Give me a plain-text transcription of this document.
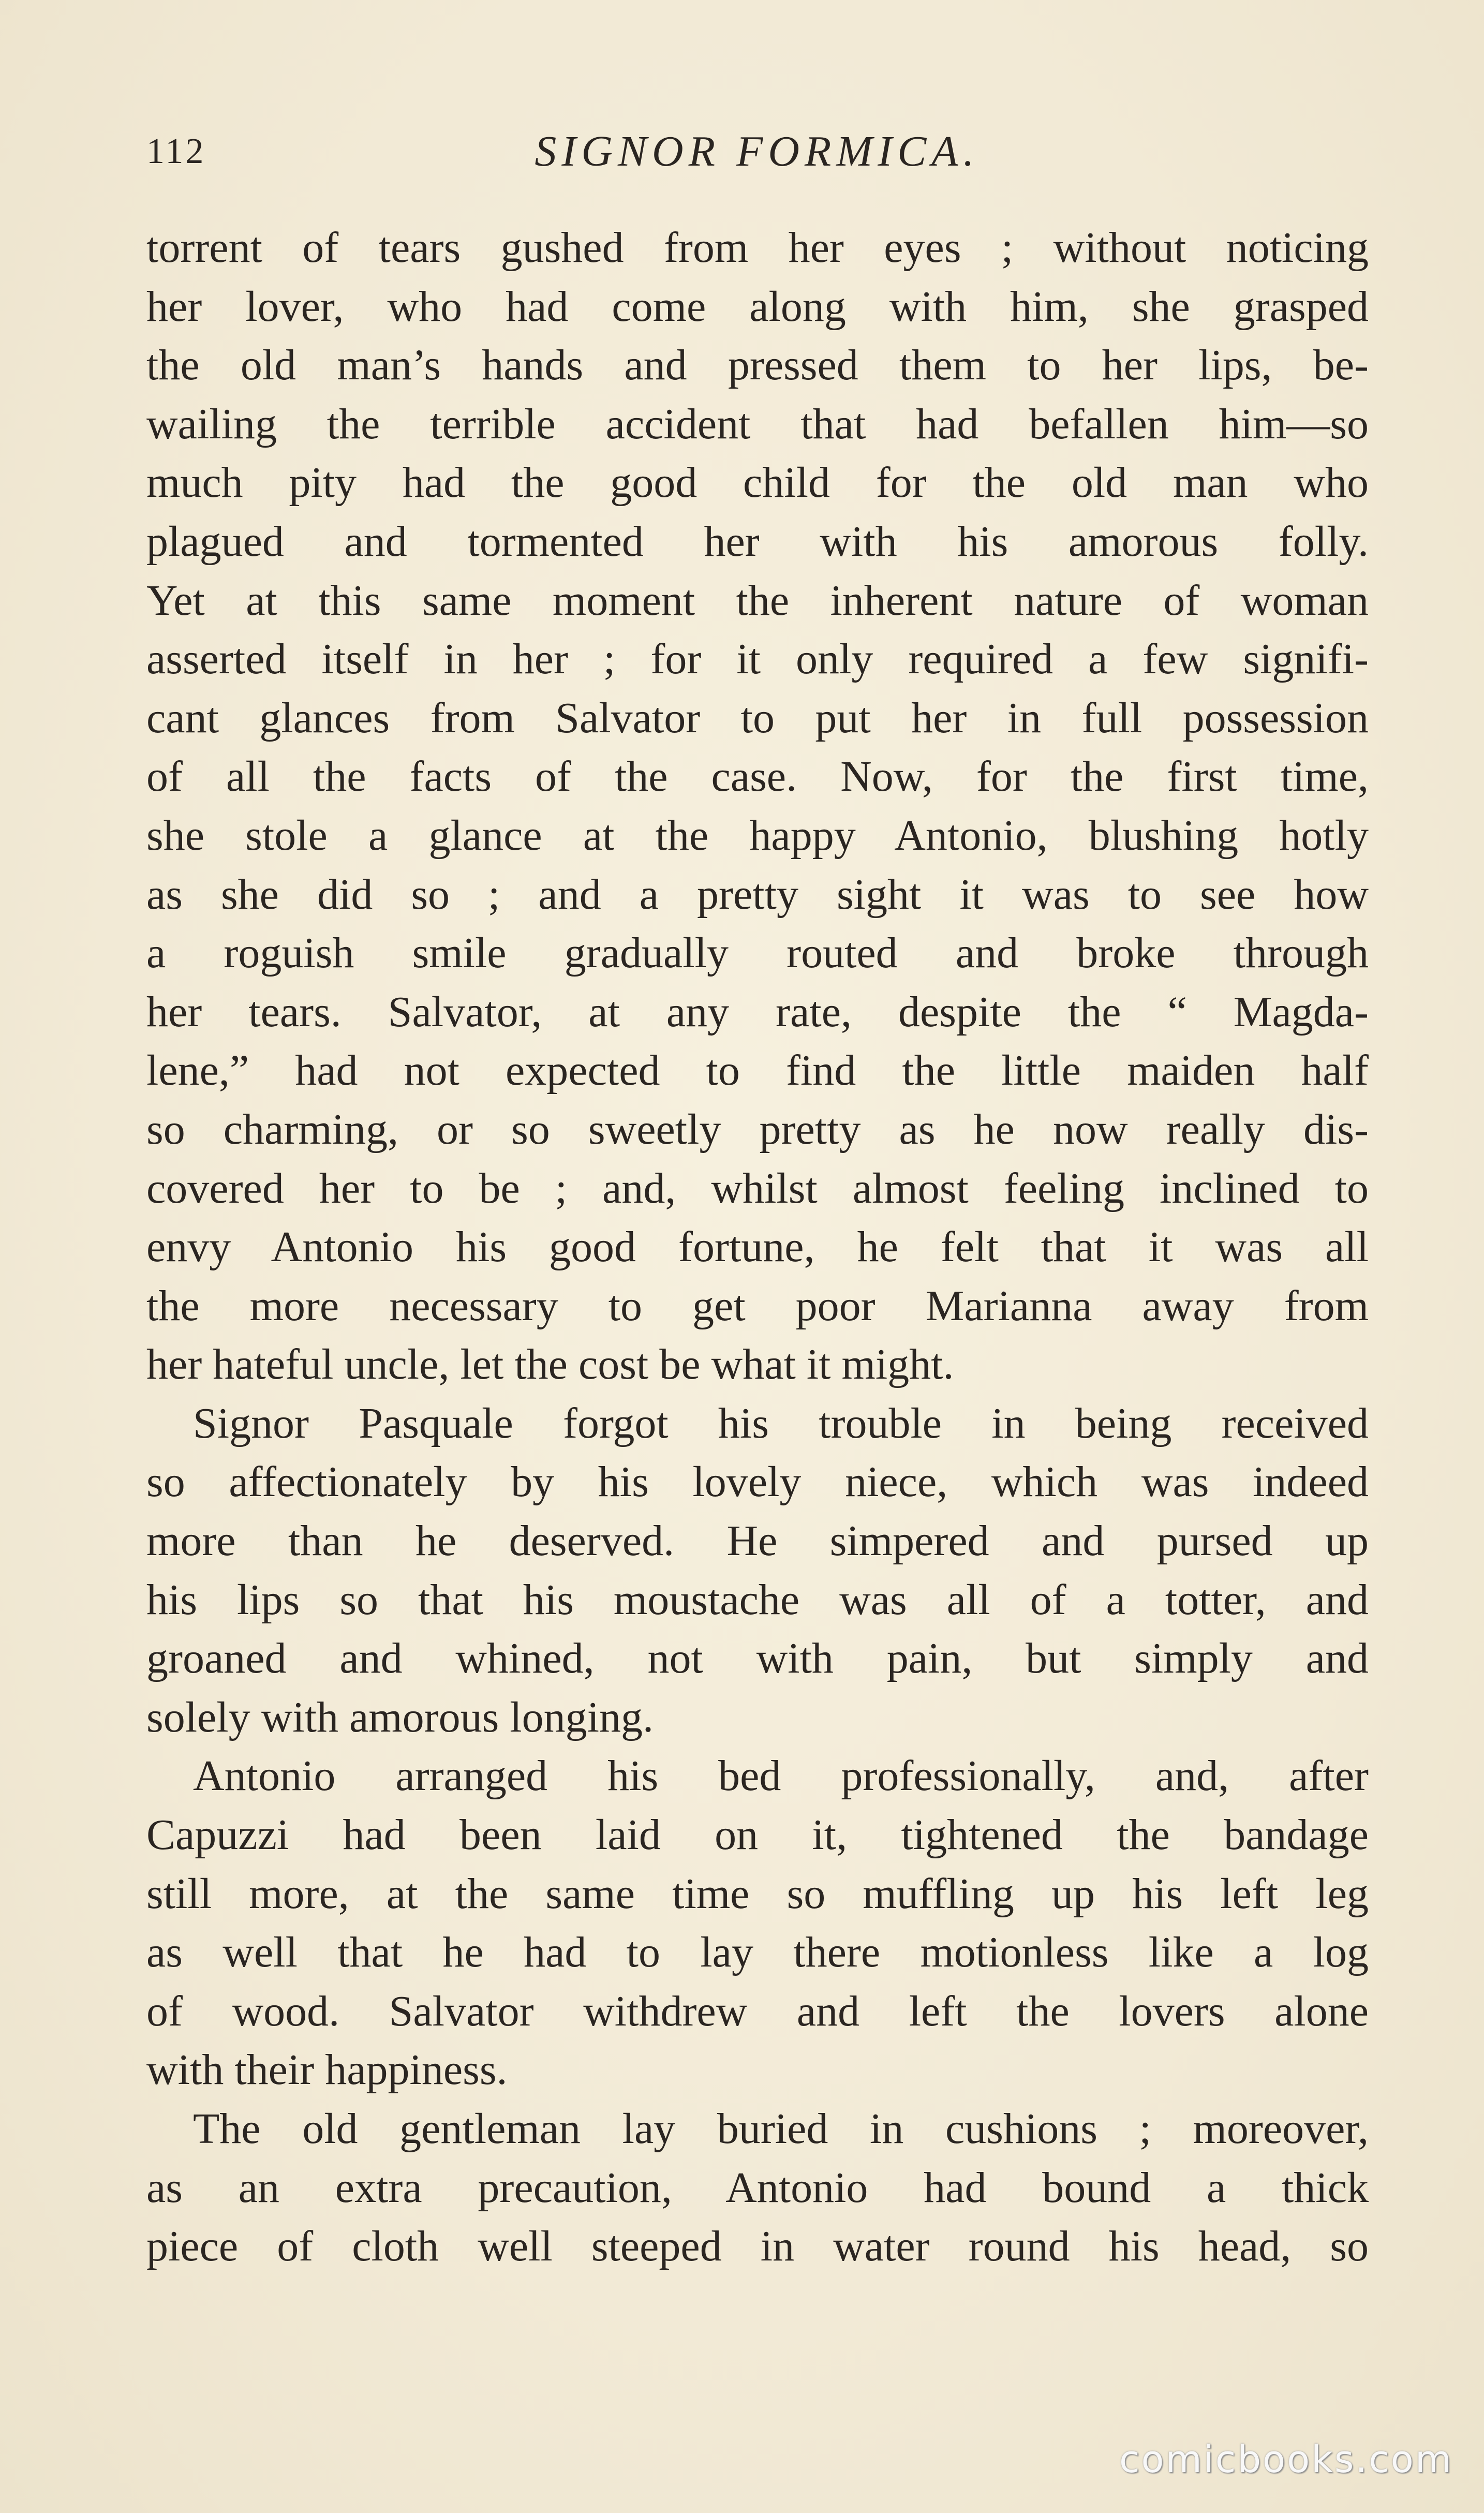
112	SIGNOR FORMICA.
torrent of tears gushed from her eyes ; without noticing
her lover, who had come along with him, she grasped
the old man’s hands and pressed them to her lips, be-
wailing the terrible accident that had befallen him—so
much pity had the good child for the old man who
plagued and tormented her with his amorous folly.
Yet at this same moment the inherent nature of woman
asserted itself in her ; for it only required a few signifi-
cant glances from Salvator to put her in full possession
of all the facts of the case. Now, for the first time,
she stole a glance at the happy Antonio, blushing hotly
as she did so ; and a pretty sight it was to see how
a roguish smile gradually routed and broke through
her tears. Salvator, at any rate, despite the “ Magda-
lene,” had not expected to find the little maiden half
so charming, or so sweetly pretty as he now really dis-
covered her to be ; and, whilst almost feeling inclined to
envy Antonio his good fortune, he felt that it was all
the more necessary to get poor Marianna away from
her hateful uncle, let the cost be what it might.
Signor Pasquale forgot his trouble in being received
so affectionately by his lovely niece, which was indeed
more than he deserved. He simpered and pursed up
his lips so that his moustache was all of a totter, and
groaned and whined, not with pain, but simply and
solely with amorous longing.
Antonio arranged his bed professionally, and, after
Capuzzi had been laid on it, tightened the bandage
still more, at the same time so muffling up his left leg
as well that he had to lay there motionless like a log
of wood. Salvator withdrew and left the lovers alone
with their happiness.
The old gentleman lay buried in cushions ; moreover,
as an extra precaution, Antonio had bound a thick
piece of cloth well steeped in water round his head, so
comicbooks.com
